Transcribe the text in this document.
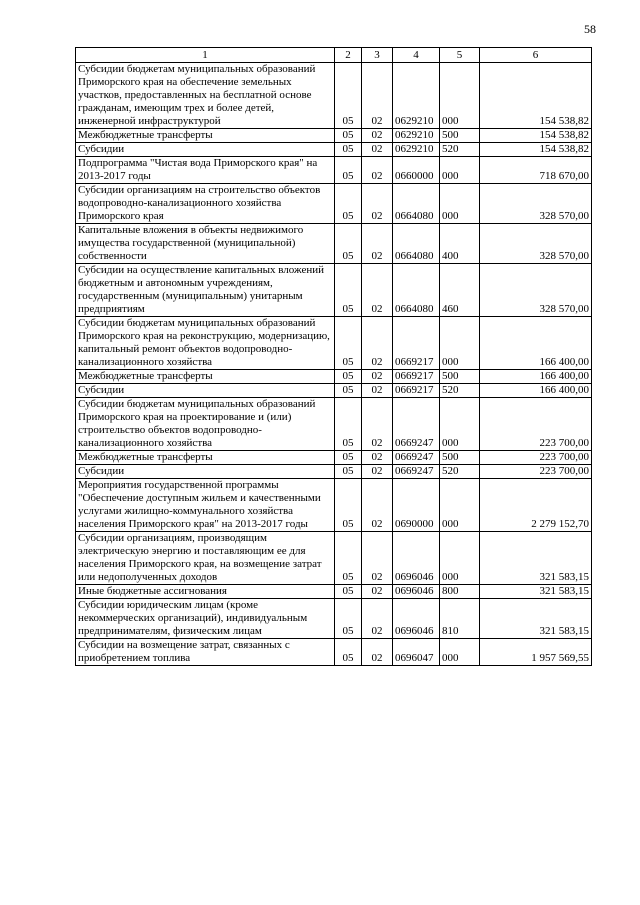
58
1	2	3	4	5	6
Субсидии бюджетам муниципальных образований Приморского края на обеспечение земельных участков, предоставленных на бесплатной основе гражданам, имеющим трех и более детей, инженерной инфраструктурой	05	02	0629210	000	154 538,82
Межбюджетные трансферты	05	02	0629210	500	154 538,82
Субсидии	05	02	0629210	520	154 538,82
Подпрограмма "Чистая вода Приморского края" на 2013-2017 годы	05	02	0660000	000	718 670,00
Субсидии организациям на строительство объектов водопроводно-канализационного хозяйства Приморского края	05	02	0664080	000	328 570,00
Капитальные вложения в объекты недвижимого имущества государственной (муниципальной) собственности	05	02	0664080	400	328 570,00
Субсидии на осуществление капитальных вложений бюджетным и автономным учреждениям, государственным (муниципальным) унитарным предприятиям	05	02	0664080	460	328 570,00
Субсидии бюджетам муниципальных образований Приморского края на реконструкцию, модернизацию, капитальный ремонт объектов водопроводно-канализационного хозяйства	05	02	0669217	000	166 400,00
Межбюджетные трансферты	05	02	0669217	500	166 400,00
Субсидии	05	02	0669217	520	166 400,00
Субсидии бюджетам муниципальных образований Приморского края на проектирование и (или) строительство объектов водопроводно-канализационного хозяйства	05	02	0669247	000	223 700,00
Межбюджетные трансферты	05	02	0669247	500	223 700,00
Субсидии	05	02	0669247	520	223 700,00
Мероприятия государственной программы "Обеспечение доступным жильем и качественными услугами жилищно-коммунального хозяйства населения Приморского края" на 2013-2017 годы	05	02	0690000	000	2 279 152,70
Субсидии организациям, производящим электрическую энергию и поставляющим ее для населения Приморского края, на возмещение затрат или недополученных доходов	05	02	0696046	000	321 583,15
Иные бюджетные ассигнования	05	02	0696046	800	321 583,15
Субсидии юридическим лицам (кроме некоммерческих организаций), индивидуальным предпринимателям, физическим лицам	05	02	0696046	810	321 583,15
Субсидии на возмещение затрат, связанных с приобретением топлива	05	02	0696047	000	1 957 569,55
